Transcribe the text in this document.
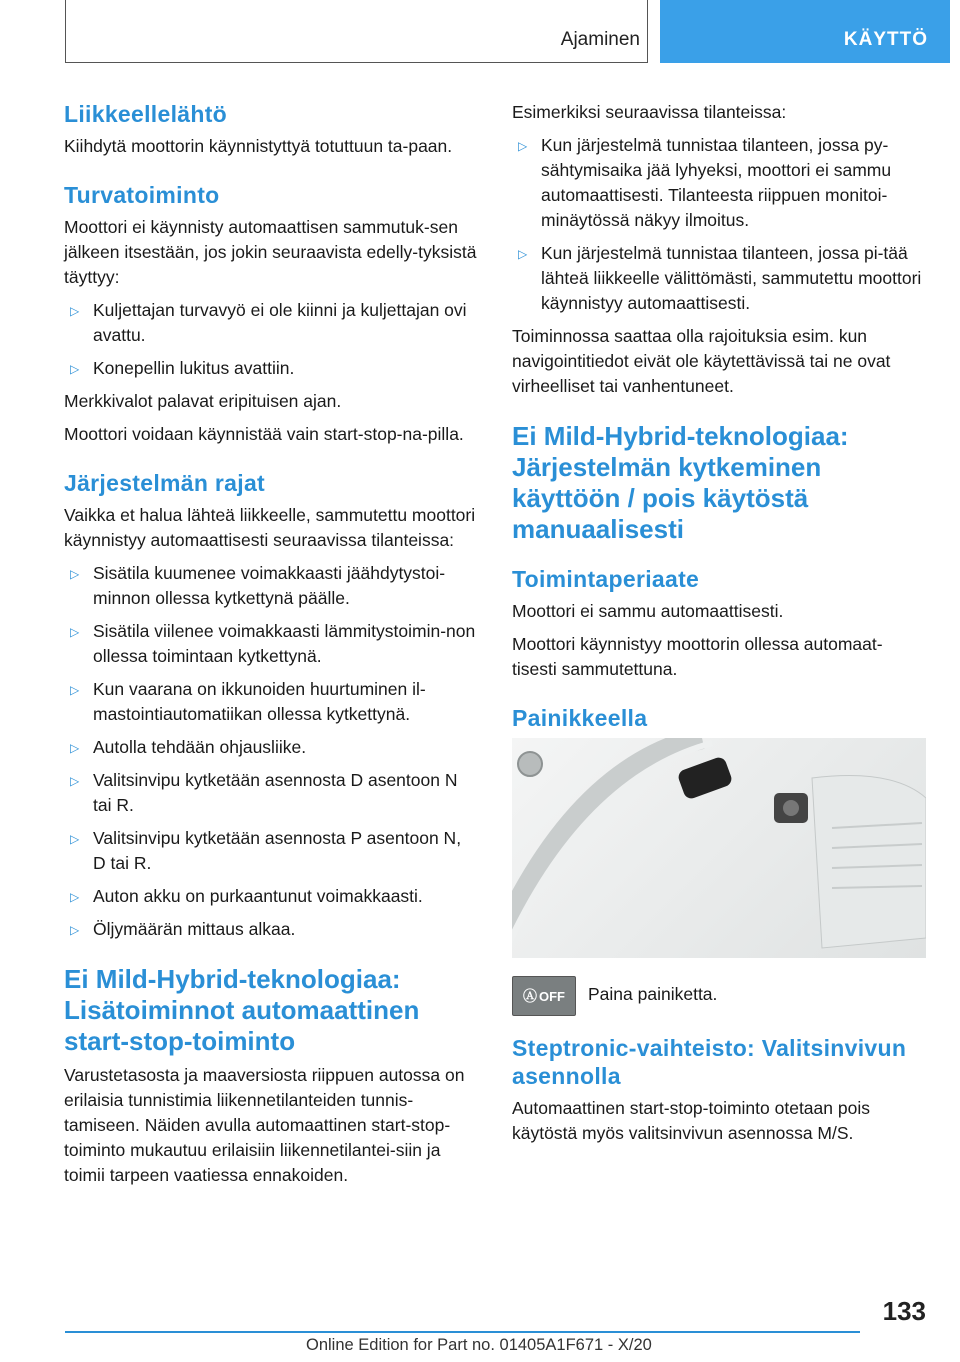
Ajaminen	KÄYTTÖ
Liikkeellelähtö

Kiihdytä moottorin käynnistyttyä totuttuun ta-paan.

Turvatoiminto

Moottori ei käynnisty automaattisen sammutuk-sen jälkeen itsestään, jos jokin seuraavista edelly-tyksistä täyttyy:

▷ Kuljettajan turvavyö ei ole kiinni ja kuljettajan ovi avattu.
▷ Konepellin lukitus avattiin.

Merkkivalot palavat eripituisen ajan.

Moottori voidaan käynnistää vain start-stop-na-pilla.

Järjestelmän rajat

Vaikka et halua lähteä liikkeelle, sammutettu moottori käynnistyy automaattisesti seuraavissa tilanteissa:

▷ Sisätila kuumenee voimakkaasti jäähdytystoi-minnon ollessa kytkettynä päälle.
▷ Sisätila viilenee voimakkaasti lämmitystoimin-non ollessa toimintaan kytkettynä.
▷ Kun vaarana on ikkunoiden huurtuminen il-mastointiautomatiikan ollessa kytkettynä.
▷ Autolla tehdään ohjausliike.
▷ Valitsinvipu kytketään asennosta D asentoon N tai R.
▷ Valitsinvipu kytketään asennosta P asentoon N, D tai R.
▷ Auton akku on purkaantunut voimakkaasti.
▷ Öljymäärän mittaus alkaa.
Ei Mild-Hybrid-teknologiaa: Lisätoiminnot automaattinen start-stop-toiminto

Varustetasosta ja maaversiosta riippuen autossa on erilaisia tunnistimia liikennetilanteiden tunnis-tamiseen. Näiden avulla automaattinen start-stop-toiminto mukautuu erilaisiin liikennetilantei-siin ja toimii tarpeen vaatiessa ennakoiden.

Esimerkiksi seuraavissa tilanteissa:

▷ Kun järjestelmä tunnistaa tilanteen, jossa py-sähtymisaika jää lyhyeksi, moottori ei sammu automaattisesti. Tilanteesta riippuen monitoi-minäytössä näkyy ilmoitus.
▷ Kun järjestelmä tunnistaa tilanteen, jossa pi-tää lähteä liikkeelle välittömästi, sammutettu moottori käynnistyy automaattisesti.

Toiminnossa saattaa olla rajoituksia esim. kun navigointitiedot eivät ole käytettävissä tai ne ovat virheelliset tai vanhentuneet.

Ei Mild-Hybrid-teknologiaa: Järjestelmän kytkeminen käyttöön / pois käytöstä manuaalisesti
Toimintaperiaate

Moottori ei sammu automaattisesti.

Moottori käynnistyy moottorin ollessa automaat-tisesti sammutettuna.

Painikkeella
Ⓐ OFF Paina painiketta.

Steptronic-vaihteisto: Valitsinvivun asennolla

Automaattinen start-stop-toiminto otetaan pois käytöstä myös valitsinvivun asennossa M/S.

133
Online Edition for Part no. 01405A1F671 - X/20
